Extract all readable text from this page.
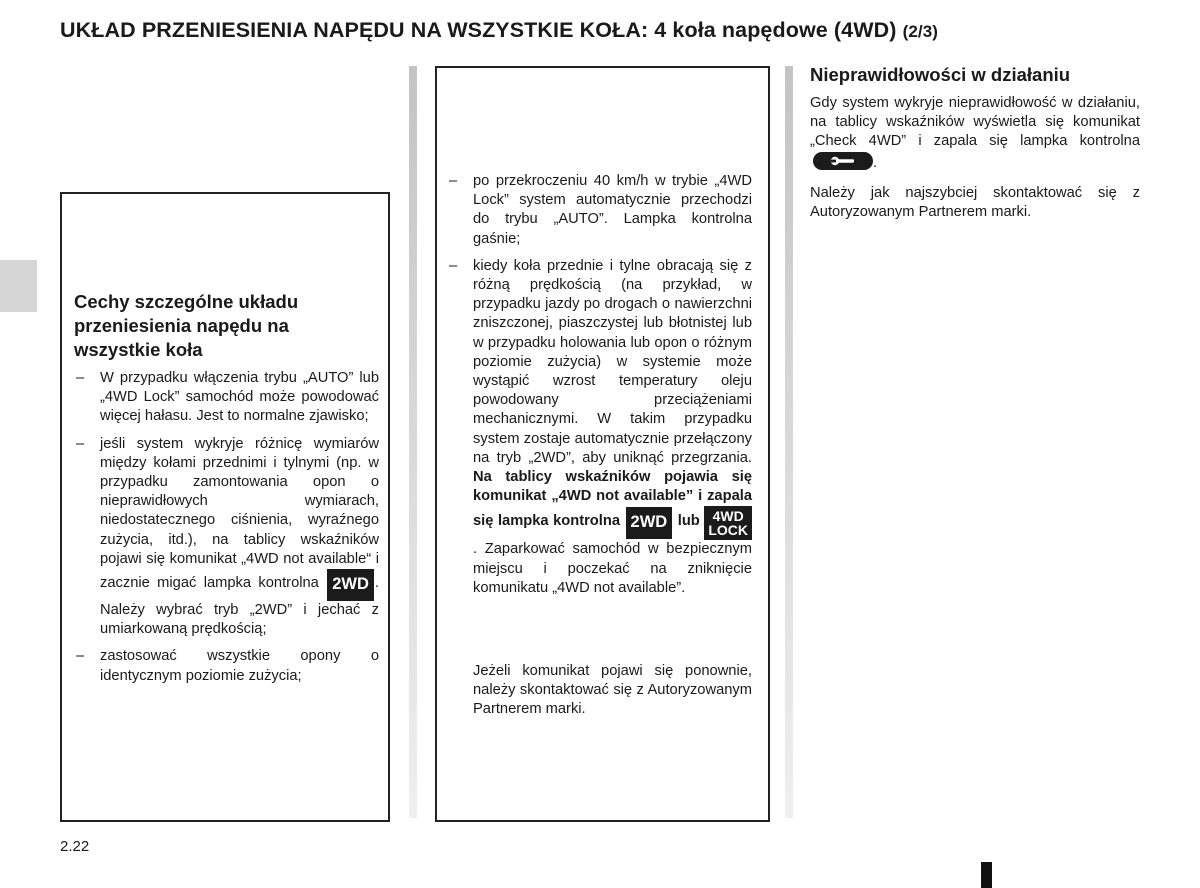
UKŁAD PRZENIESIENIA NAPĘDU NA WSZYSTKIE KOŁA: 4 koła napędowe (4WD) (2/3)
Cechy szczególne układu
przeniesienia napędu na
wszystkie koła
– W przypadku włączenia trybu „AUTO” lub „4WD Lock” samochód może powodować więcej hałasu. Jest to normalne zjawisko;
– jeśli system wykryje różnicę wymiarów między kołami przednimi i tylnymi (np. w przypadku zamontowania opon o nieprawidłowych wymiarach, niedostatecznego ciśnienia, wyraźnego zużycia, itd.), na tablicy wskaźników pojawi się komunikat „4WD not available“ i zacznie migać lampka kontrolna 2WD . Należy wybrać tryb „2WD” i jechać z umiarkowaną prędkością;
– zastosować wszystkie opony o identycznym poziomie zużycia;
– po przekroczeniu 40 km/h w trybie „4WD Lock” system automatycznie przechodzi do trybu „AUTO”. Lampka kontrolna gaśnie;
– kiedy koła przednie i tylne obracają się z różną prędkością (na przykład, w przypadku jazdy po drogach o nawierzchni zniszczonej, piaszczystej lub błotnistej lub w przypadku holowania lub opon o różnym poziomie zużycia) w systemie może wystąpić wzrost temperatury oleju powodowany przeciążeniami mechanicznymi. W takim przypadku system zostaje automatycznie przełączony na tryb „2WD”, aby uniknąć przegrzania. Na tablicy wskaźników pojawia się komunikat „4WD not available” i zapala się lampka kontrolna 2WD lub 4WD
LOCK
. Zaparkować samochód w bezpiecznym miejscu i poczekać na zniknięcie komunikatu „4WD not available”.
Jeżeli komunikat pojawi się ponownie, należy skontaktować się z Autoryzowanym Partnerem marki.
Nieprawidłowości w działaniu
Gdy system wykryje nieprawidłowość w działaniu, na tablicy wskaźników wyświetla się komunikat „Check 4WD” i zapala się lampka kontrolna
.
Należy jak najszybciej skontaktować się z Autoryzowanym Partnerem marki.
2.22
